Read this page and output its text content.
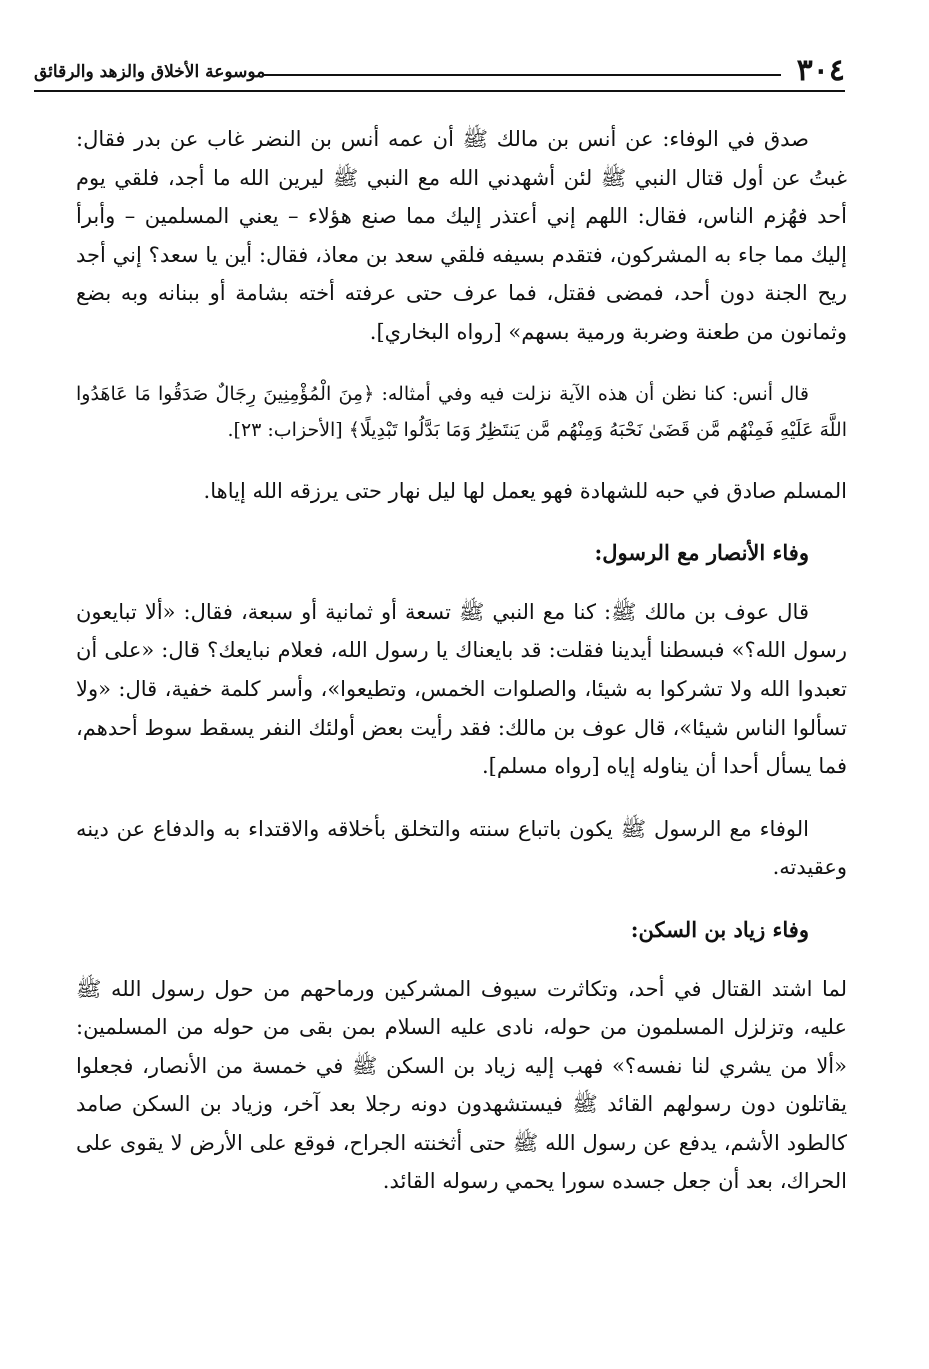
٣٠٤
موسوعة الأخلاق والزهد والرقائق

صدق في الوفاء: عن أنس بن مالك ﷺ أن عمه أنس بن النضر غاب عن بدر فقال: غبتُ عن أول قتال النبي ﷺ لئن أشهدني الله مع النبي ﷺ ليرين الله ما أجد، فلقي يوم أحد فهُزم الناس، فقال: اللهم إني أعتذر إليك مما صنع هؤلاء – يعني المسلمين – وأبرأ إليك مما جاء به المشركون، فتقدم بسيفه فلقي سعد بن معاذ، فقال: أين يا سعد؟ إني أجد ريح الجنة دون أحد، فمضى فقتل، فما عرف حتى عرفته أخته بشامة أو ببنانه وبه بضع وثمانون من طعنة وضربة ورمية بسهم» [رواه البخاري].

قال أنس: كنا نظن أن هذه الآية نزلت فيه وفي أمثاله: ﴿مِنَ الْمُؤْمِنِينَ رِجَالٌ صَدَقُوا مَا عَاهَدُوا اللَّهَ عَلَيْهِ فَمِنْهُم مَّن قَضَىٰ نَحْبَهُ وَمِنْهُم مَّن يَنتَظِرُ وَمَا بَدَّلُوا تَبْدِيلًا﴾ [الأحزاب: ٢٣].

المسلم صادق في حبه للشهادة فهو يعمل لها ليل نهار حتى يرزقه الله إياها.

وفاء الأنصار مع الرسول:

قال عوف بن مالك ﷺ: كنا مع النبي ﷺ تسعة أو ثمانية أو سبعة، فقال: «ألا تبايعون رسول الله؟» فبسطنا أيدينا فقلت: قد بايعناك يا رسول الله، فعلام نبايعك؟ قال: «على أن تعبدوا الله ولا تشركوا به شيئا، والصلوات الخمس، وتطيعوا»، وأسر كلمة خفية، قال: «ولا تسألوا الناس شيئا»، قال عوف بن مالك: فقد رأيت بعض أولئك النفر يسقط سوط أحدهم، فما يسأل أحدا أن يناوله إياه [رواه مسلم].

الوفاء مع الرسول ﷺ يكون باتباع سنته والتخلق بأخلاقه والاقتداء به والدفاع عن دينه وعقيدته.

وفاء زياد بن السكن:

لما اشتد القتال في أحد، وتكاثرت سيوف المشركين ورماحهم من حول رسول الله ﷺ عليه، وتزلزل المسلمون من حوله، نادى عليه السلام بمن بقى من حوله من المسلمين: «ألا من يشري لنا نفسه؟» فهب إليه زياد بن السكن ﷺ في خمسة من الأنصار، فجعلوا يقاتلون دون رسولهم القائد ﷺ فيستشهدون دونه رجلا بعد آخر، وزياد بن السكن صامد كالطود الأشم، يدفع عن رسول الله ﷺ حتى أثخنته الجراح، فوقع على الأرض لا يقوى على الحراك، بعد أن جعل جسده سورا يحمي رسوله القائد.
